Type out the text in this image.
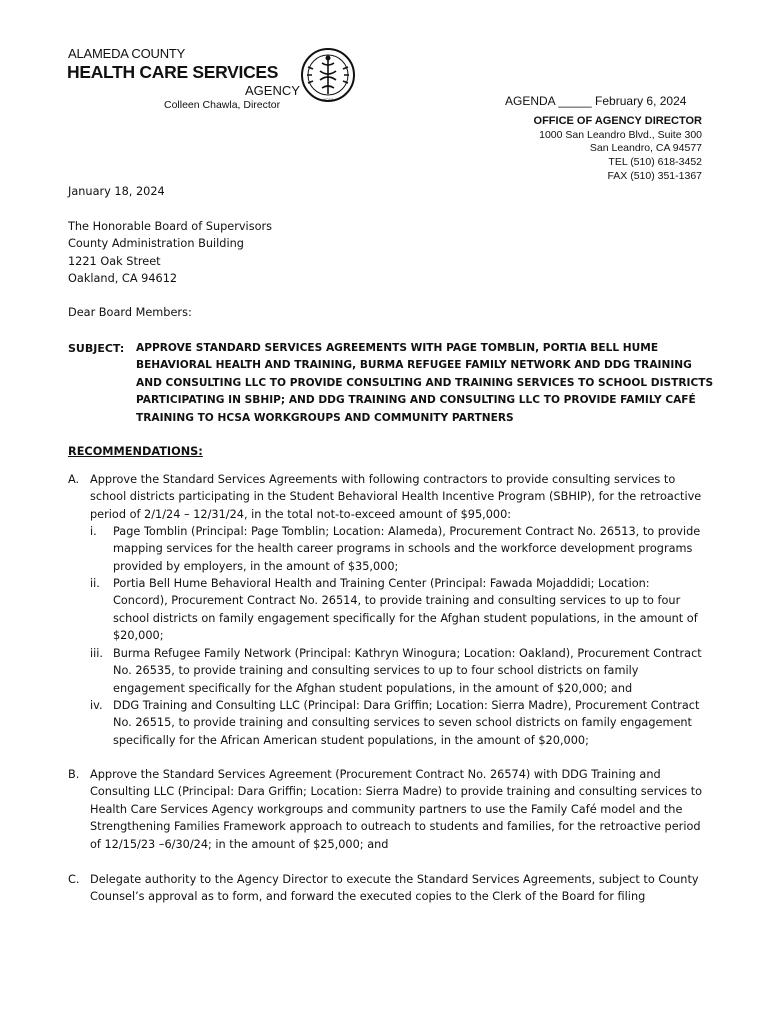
ALAMEDA COUNTY
HEALTH CARE SERVICES
AGENCY
Colleen Chawla, Director	HCSA	AGENDA _____ February 6, 2024
OFFICE OF AGENCY DIRECTOR
1000 San Leandro Blvd., Suite 300
San Leandro, CA 94577
TEL (510) 618-3452
FAX (510) 351-1367
January 18, 2024
The Honorable Board of Supervisors
County Administration Building
1221 Oak Street
Oakland, CA 94612
Dear Board Members:
SUBJECT: APPROVE STANDARD SERVICES AGREEMENTS WITH PAGE TOMBLIN, PORTIA BELL HUME
BEHAVIORAL HEALTH AND TRAINING, BURMA REFUGEE FAMILY NETWORK AND DDG TRAINING
AND CONSULTING LLC TO PROVIDE CONSULTING AND TRAINING SERVICES TO SCHOOL DISTRICTS
PARTICIPATING IN SBHIP; AND DDG TRAINING AND CONSULTING LLC TO PROVIDE FAMILY CAFÉ
TRAINING TO HCSA WORKGROUPS AND COMMUNITY PARTNERS
RECOMMENDATIONS:
A. Approve the Standard Services Agreements with following contractors to provide consulting services to
school districts participating in the Student Behavioral Health Incentive Program (SBHIP), for the retroactive
period of 2/1/24 – 12/31/24, in the total not-to-exceed amount of $95,000:
i.	Page Tomblin (Principal: Page Tomblin; Location: Alameda), Procurement Contract No. 26513, to provide
mapping services for the health career programs in schools and the workforce development programs
provided by employers, in the amount of $35,000;
ii.	Portia Bell Hume Behavioral Health and Training Center (Principal: Fawada Mojaddidi; Location:
Concord), Procurement Contract No. 26514, to provide training and consulting services to up to four
school districts on family engagement specifically for the Afghan student populations, in the amount of
$20,000;
iii. Burma Refugee Family Network (Principal: Kathryn Winogura; Location: Oakland), Procurement Contract
No. 26535, to provide training and consulting services to up to four school districts on family
engagement specifically for the Afghan student populations, in the amount of $20,000; and
iv. DDG Training and Consulting LLC (Principal: Dara Griffin; Location: Sierra Madre), Procurement Contract
No. 26515, to provide training and consulting services to seven school districts on family engagement
specifically for the African American student populations, in the amount of $20,000;
B. Approve the Standard Services Agreement (Procurement Contract No. 26574) with DDG Training and
Consulting LLC (Principal: Dara Griffin; Location: Sierra Madre) to provide training and consulting services to
Health Care Services Agency workgroups and community partners to use the Family Café model and the
Strengthening Families Framework approach to outreach to students and families, for the retroactive period
of 12/15/23 –6/30/24; in the amount of $25,000; and
C. Delegate authority to the Agency Director to execute the Standard Services Agreements, subject to County
Counsel’s approval as to form, and forward the executed copies to the Clerk of the Board for filing
